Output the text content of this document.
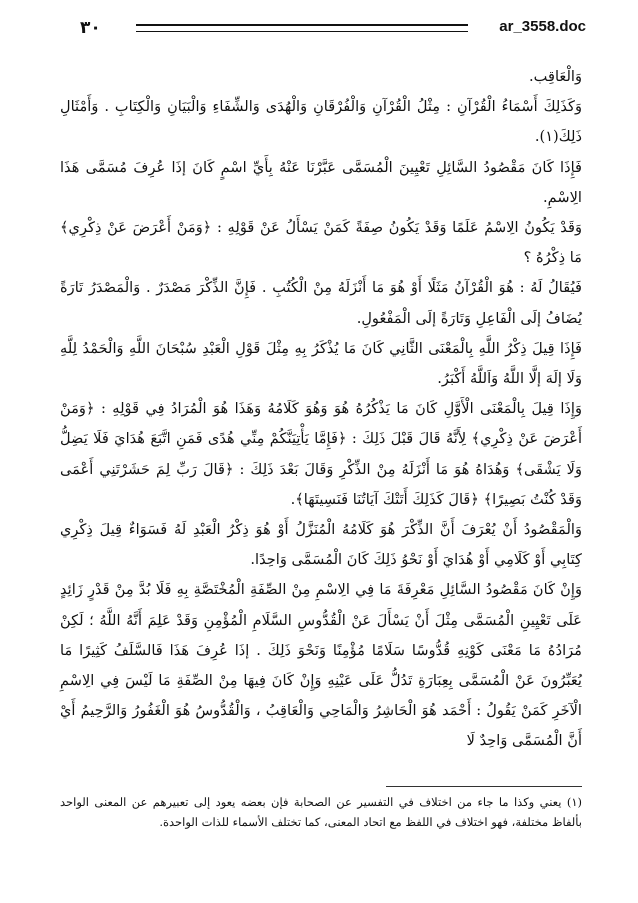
٣٠	ar_3558.doc

وَالْعَاقِب.

وَكَذَلِكَ أَسْمَاءُ الْقُرْآنِ : مِثْلُ الْقُرْآنِ وَالْفُرْقَانِ وَالْهُدَى وَالشِّفَاءِ وَالْبَيَانِ وَالْكِتَابِ . وَأَمْثَالِ ذَلِكَ(١).

فَإِذَا كَانَ مَقْصُودُ السَّائِلِ تَعْيِينَ الْمُسَمَّى عَبَّرْنَا عَنْهُ بِأَيِّ اسْمٍ كَانَ إذَا عُرِفَ مُسَمَّى هَذَا الِاسْمِ.

وَقَدْ يَكُونُ الِاسْمُ عَلَمًا وَقَدْ يَكُونُ صِفَةً كَمَنْ يَسْأَلُ عَنْ قَوْلِهِ : ﴿وَمَنْ أَعْرَضَ عَنْ ذِكْرِي﴾ مَا ذِكْرُهُ ؟

فَيُقَالُ لَهُ : هُوَ الْقُرْآنُ مَثَلًا أَوْ هُوَ مَا أَنْزَلَهُ مِنْ الْكُتُبِ . فَإِنَّ الذِّكْرَ مَصْدَرٌ . وَالْمَصْدَرُ تَارَةً يُضَافُ إلَى الْفَاعِلِ وَتَارَةً إلَى الْمَفْعُولِ.

فَإِذَا قِيلَ ذِكْرُ اللَّهِ بِالْمَعْنَى الثَّانِي كَانَ مَا يُذْكَرُ بِهِ مِثْلَ قَوْلِ الْعَبْدِ سُبْحَانَ اللَّهِ وَالْحَمْدُ لِلَّهِ وَلَا إلَهَ إلَّا اللَّهُ وَاَللَّهُ أَكْبَرُ.

وَإِذَا قِيلَ بِالْمَعْنَى الْأَوَّلِ كَانَ مَا يَذْكُرُهُ هُوَ وَهُوَ كَلَامُهُ وَهَذَا هُوَ الْمُرَادُ فِي قَوْلِهِ : ﴿وَمَنْ أَعْرَضَ عَنْ ذِكْرِي﴾ لِأَنَّهُ قَالَ قَبْلَ ذَلِكَ : ﴿فَإِمَّا يَأْتِيَنَّكُمْ مِنِّي هُدًى فَمَنِ اتَّبَعَ هُدَايَ فَلَا يَضِلُّ وَلَا يَشْقَى﴾ وَهُدَاهُ هُوَ مَا أَنْزَلَهُ مِنْ الذِّكْرِ وَقَالَ بَعْدَ ذَلِكَ : ﴿قَالَ رَبِّ لِمَ حَشَرْتَنِي أَعْمَى وَقَدْ كُنْتُ بَصِيرًا﴾ ﴿قَالَ كَذَلِكَ أَتَتْكَ آيَاتُنَا فَنَسِيتَهَا﴾.

وَالْمَقْصُودُ أَنْ يُعْرَفَ أَنَّ الذِّكْرَ هُوَ كَلَامُهُ الْمُنَزَّلُ أَوْ هُوَ ذِكْرُ الْعَبْدِ لَهُ فَسَوَاءٌ قِيلَ ذِكْرِي كِتَابِي أَوْ كَلَامِي أَوْ هُدَايَ أَوْ نَحْوُ ذَلِكَ كَانَ الْمُسَمَّى وَاحِدًا.

وَإِنْ كَانَ مَقْصُودُ السَّائِلِ مَعْرِفَةَ مَا فِي الِاسْمِ مِنْ الصِّفَةِ الْمُخْتَصَّةِ بِهِ فَلَا بُدَّ مِنْ قَدْرٍ زَائِدٍ عَلَى تَعْيِينِ الْمُسَمَّى مِثْلَ أَنْ يَسْأَلَ عَنْ الْقُدُّوسِ السَّلَامِ الْمُؤْمِنِ وَقَدْ عَلِمَ أَنَّهُ اللَّهُ ؛ لَكِنْ مُرَادُهُ مَا مَعْنَى كَوْنِهِ قُدُّوسًا سَلَامًا مُؤْمِنًا وَنَحْوَ ذَلِكَ . إذَا عُرِفَ هَذَا فَالسَّلَفُ كَثِيرًا مَا يُعَبِّرُونَ عَنْ الْمُسَمَّى بِعِبَارَةِ تَدُلُّ عَلَى عَيْنِهِ وَإِنْ كَانَ فِيهَا مِنْ الصِّفَةِ مَا لَيْسَ فِي الِاسْمِ الْآخَرِ كَمَنْ يَقُولُ : أَحْمَد هُوَ الْحَاشِرُ وَالْمَاحِي وَالْعَاقِبُ ، وَالْقُدُّوسُ هُوَ الْغَفُورُ وَالرَّحِيمُ أَيْ أَنَّ الْمُسَمَّى وَاحِدٌ لَا

(١) يعني وكذا ما جاء من اختلاف في التفسير عن الصحابة فإن بعضه يعود إلى تعبيرهم عن المعنى الواحد بألفاظ مختلفة، فهو اختلاف في اللفظ مع اتحاد المعنى، كما تختلف الأسماء للذات الواحدة.
